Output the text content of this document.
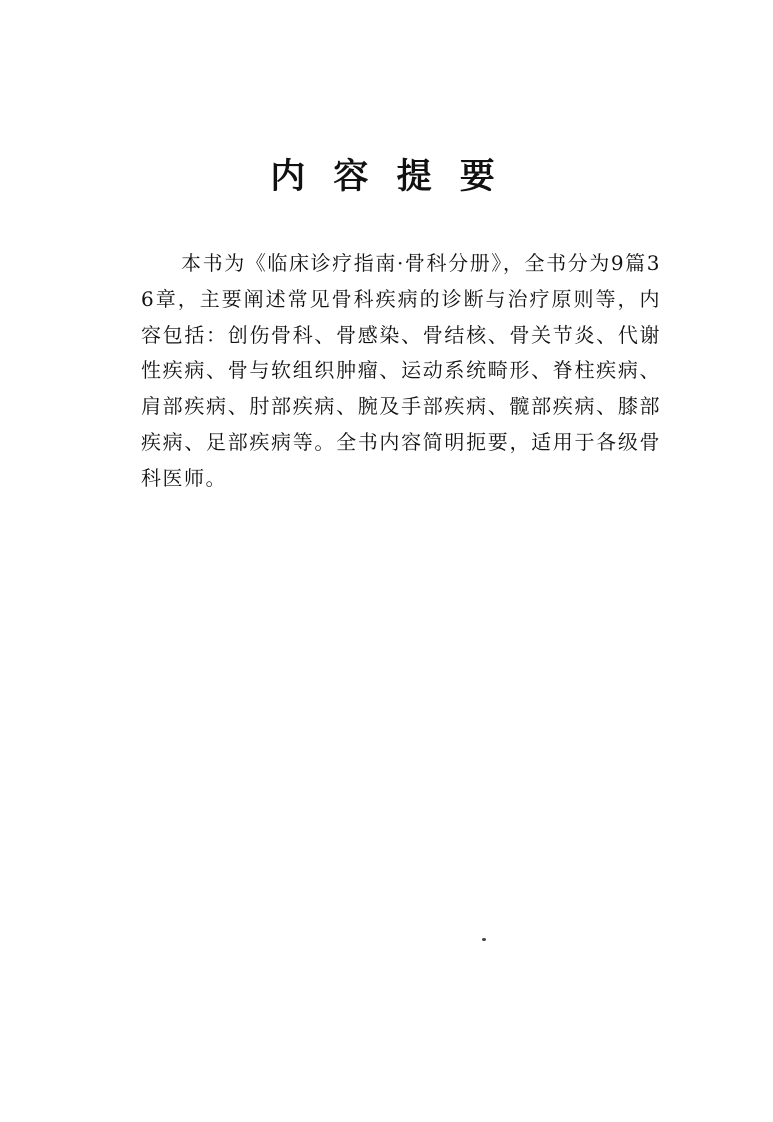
内 容 提 要

本书为《临床诊疗指南·骨科分册》，全书分为9篇36章，主要阐述常见骨科疾病的诊断与治疗原则等，内容包括：创伤骨科、骨感染、骨结核、骨关节炎、代谢性疾病、骨与软组织肿瘤、运动系统畸形、脊柱疾病、肩部疾病、肘部疾病、腕及手部疾病、髋部疾病、膝部疾病、足部疾病等。全书内容简明扼要，适用于各级骨科医师。
